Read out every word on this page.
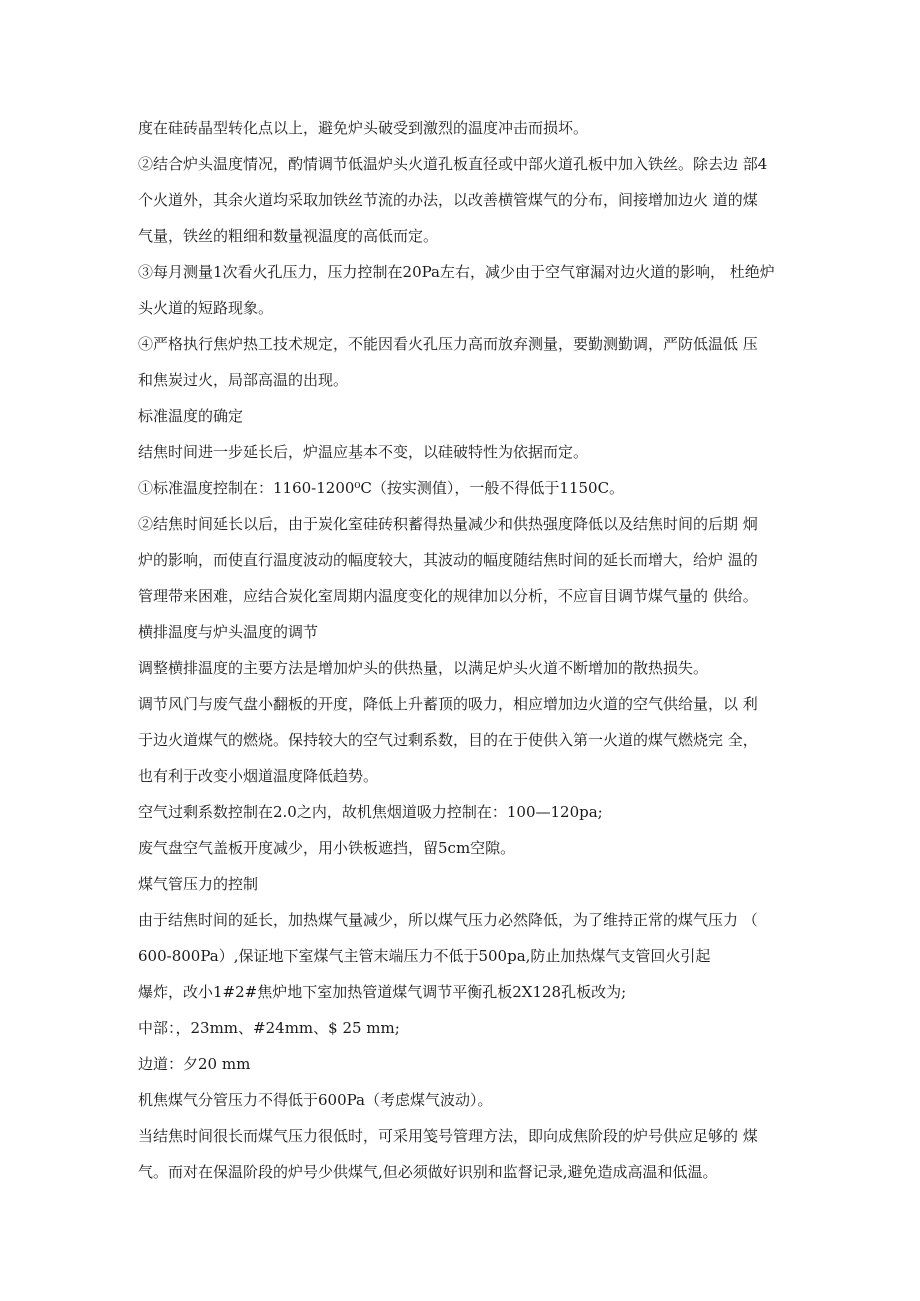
度在硅砖晶型转化点以上，避免炉头破受到激烈的温度冲击而损坏。
②结合炉头温度情况，酌情调节低温炉头火道孔板直径或中部火道孔板中加入铁丝。除去边 部4
个火道外，其余火道均采取加铁丝节流的办法，以改善横管煤气的分布，间接增加边火 道的煤
气量，铁丝的粗细和数量视温度的高低而定。
③每月测量1次看火孔压力，压力控制在20Pa左右，减少由于空气窜漏对边火道的影响， 杜绝炉
头火道的短路现象。
④严格执行焦炉热工技术规定，不能因看火孔压力高而放弃测量，要勤测勤调，严防低温低 压
和焦炭过火，局部高温的出现。
标准温度的确定
结焦时间进一步延长后，炉温应基本不变，以硅破特性为依据而定。
①标准温度控制在：1160-1200⁰C（按实测值），一般不得低于1150C。
②结焦时间延长以后，由于炭化室硅砖积蓄得热量减少和供热强度降低以及结焦时间的后期 炯
炉的影响，而使直行温度波动的幅度较大，其波动的幅度随结焦时间的延长而增大，给炉 温的
管理带来困难，应结合炭化室周期内温度变化的规律加以分析，不应盲目调节煤气量的 供给。
横排温度与炉头温度的调节
调整横排温度的主要方法是增加炉头的供热量，以满足炉头火道不断增加的散热损失。
调节风门与废气盘小翻板的开度，降低上升蓄顶的吸力，相应增加边火道的空气供给量，以 利
于边火道煤气的燃烧。保持较大的空气过剩系数，目的在于使供入第一火道的煤气燃烧完 全，
也有利于改变小烟道温度降低趋势。
空气过剩系数控制在2.0之内，故机焦烟道吸力控制在：100—120pa;
废气盘空气盖板开度减少，用小铁板遮挡，留5cm空隙。
煤气管压力的控制
由于结焦时间的延长，加热煤气量减少，所以煤气压力必然降低，为了维持正常的煤气压力 （
600-800Pa）,保证地下室煤气主管末端压力不低于500pa,防止加热煤气支管回火引起
爆炸，改小1#2#焦炉地下室加热管道煤气调节平衡孔板2X128孔板改为;
中部：，23mm、#24mm、$ 25 mm;
边道：夕20 mm
机焦煤气分管压力不得低于600Pa（考虑煤气波动）。
当结焦时间很长而煤气压力很低时，可采用笺号管理方法，即向成焦阶段的炉号供应足够的 煤
气。而对在保温阶段的炉号少供煤气,但必须做好识别和监督记录,避免造成高温和低温。
